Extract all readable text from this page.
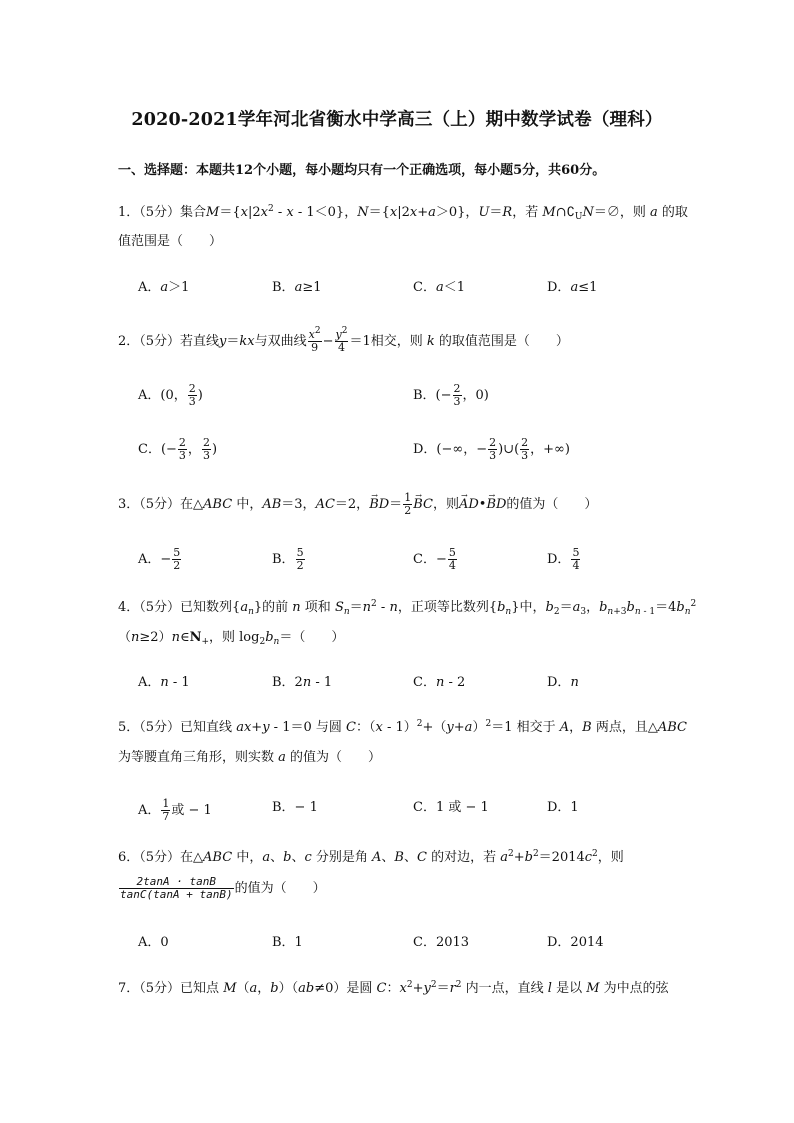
2020-2021学年河北省衡水中学高三（上）期中数学试卷（理科）
一、选择题：本题共12个小题，每小题均只有一个正确选项，每小题5分，共60分。
1．（5分）集合$M=\{x|2x^2 - x - 1<0\}$，N＝{x|2x+a＞0}，U＝R，若 $M\cap∁_UN=\emptyset$，则 a 的取
值范围是（　　）
A．a＞1	B．a≥1	C．a＜1	D．a≤1
2．（5分）若直线y＝kx与双曲线 $\frac{x^2}{9} - \frac{y^2}{4} =1$相交，则 k 的取值范围是（　　）
A．(0， $\frac{2}{3}$ )	B．(− $\frac{2}{3}$ ，0)
C．(− $\frac{2}{3}$ ， $\frac{2}{3}$ )	D．(−∞，− $\frac{2}{3}$ )∪( $\frac{2}{3}$ ，+∞)
3．（5分）在△ABC 中，AB＝3，AC＝2，→ $BD= \frac{1}{2}$
→ BC，则→ AD•→ BD的值为（　　）
A．− $\frac{5}{2}$	B． $\frac{5}{2}$	C．− $\frac{5}{4}$	D． $\frac{5}{4}$
4．（5分）已知数列$\{a_n\}$的前 n 项和 $S_n=n^2 - n$，正项等比数列$\{b_n\}$中，$b_2=a_3$，$b_{n+3}b_{n - 1}=4b_n^2$
$(n\ge 2)n\in N_+$，则 $\log_2b_n=$（　　）
A．n - 1	B．2n - 1	C．n - 2	D．n
5．（5分）已知直线 ax+y - 1＝0 与圆 C：$(x - 1)^2+(y+a)^2=1$ 相交于 A，B 两点，且△ABC
为等腰直角三角形，则实数 a 的值为（　　）
A． $\frac{1}{7}$ 或 − 1	B．− 1	C．1 或 − 1	D．1
6．（5分）在△ABC 中，a、b、c 分别是角 A、B、C 的对边，若 $a^2+b^2=2014c^2$，则
$\frac{2\tan A \cdot \tan B}{\tan C(\tan A + \tan B)}$ 的值为（　　）
A．0	B．1	C．2013	D．2014
7．（5分）已知点 M（a，b）（ab≠0）是圆 C：$x^2+y^2=r^2$ 内一点，直线 l 是以 M 为中点的弦
